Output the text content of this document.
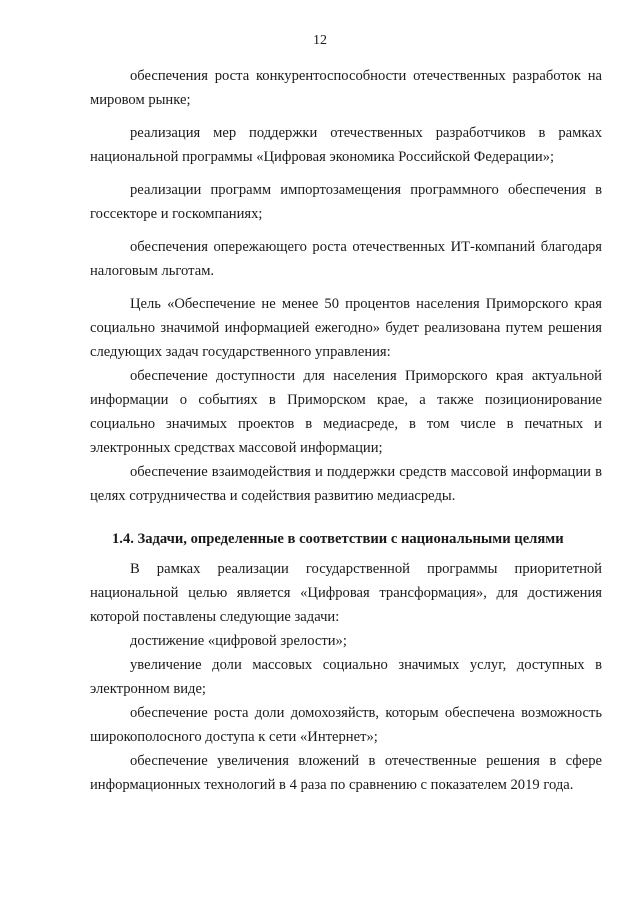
12

обеспечения роста конкурентоспособности отечественных разработок на мировом рынке;

реализация мер поддержки отечественных разработчиков в рамках национальной программы «Цифровая экономика Российской Федерации»;

реализации программ импортозамещения программного обеспечения в госсекторе и госкомпаниях;

обеспечения опережающего роста отечественных ИТ-компаний благодаря налоговым льготам.

Цель «Обеспечение не менее 50 процентов населения Приморского края социально значимой информацией ежегодно» будет реализована путем решения следующих задач государственного управления:

обеспечение доступности для населения Приморского края актуальной информации о событиях в Приморском крае, а также позиционирование социально значимых проектов в медиасреде, в том числе в печатных и электронных средствах массовой информации;

обеспечение взаимодействия и поддержки средств массовой информации в целях сотрудничества и содействия развитию медиасреды.

1.4. Задачи, определенные в соответствии с национальными целями

В рамках реализации государственной программы приоритетной национальной целью является «Цифровая трансформация», для достижения которой поставлены следующие задачи:

достижение «цифровой зрелости»;

увеличение доли массовых социально значимых услуг, доступных в электронном виде;

обеспечение роста доли домохозяйств, которым обеспечена возможность широкополосного доступа к сети «Интернет»;

обеспечение увеличения вложений в отечественные решения в сфере информационных технологий в 4 раза по сравнению с показателем 2019 года.
